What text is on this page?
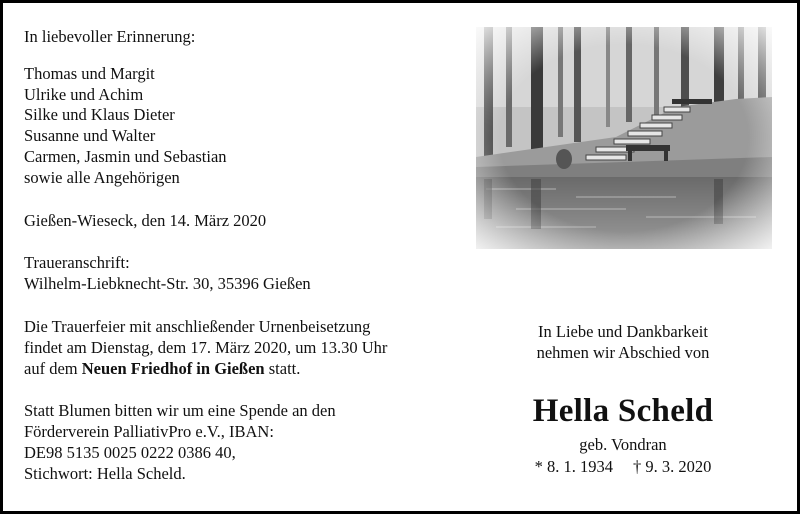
In liebevoller Erinnerung:

Thomas und Margit

Ulrike und Achim

Silke und Klaus Dieter

Susanne und Walter

Carmen, Jasmin und Sebastian

sowie alle Angehörigen

Gießen-Wieseck, den 14. März 2020

Traueranschrift:

Wilhelm-Liebknecht-Str. 30, 35396 Gießen

Die Trauerfeier mit anschließender Urnenbeisetzung

findet am Dienstag, dem 17. März 2020, um 13.30 Uhr

auf dem Neuen Friedhof in Gießen statt.

Statt Blumen bitten wir um eine Spende an den

Förderverein PalliativPro e.V., IBAN:

DE98 5135 0025 0222 0386 40,

Stichwort: Hella Scheld.

In Liebe und Dankbarkeit
nehmen wir Abschied von
Hella Scheld
geb. Vondran
* 8. 1. 1934 † 9. 3. 2020
